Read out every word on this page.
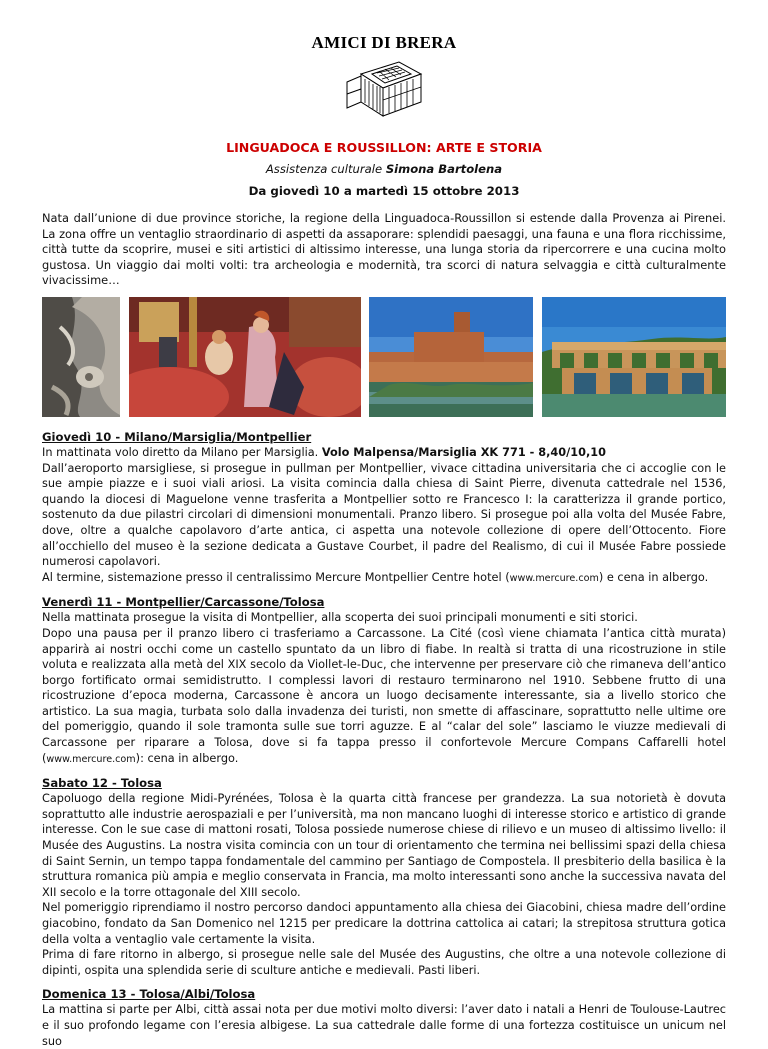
AMICI DI BRERA
LINGUADOCA E ROUSSILLON: ARTE E STORIA
Assistenza culturale Simona Bartolena
Da giovedì 10 a martedì 15 ottobre 2013
Nata dall’unione di due province storiche, la regione della Linguadoca-Roussillon si estende dalla Provenza ai Pirenei. La zona offre un ventaglio straordinario di aspetti da assaporare: splendidi paesaggi, una fauna e una flora ricchissime, città tutte da scoprire, musei e siti artistici di altissimo interesse, una lunga storia da ripercorrere e una cucina molto gustosa. Un viaggio dai molti volti: tra archeologia e modernità, tra scorci di natura selvaggia e città culturalmente vivacissime…
Giovedì 10 - Milano/Marsiglia/Montpellier

In mattinata volo diretto da Milano per Marsiglia. Volo Malpensa/Marsiglia XK 771 - 8,40/10,10

Dall’aeroporto marsigliese, si prosegue in pullman per Montpellier, vivace cittadina universitaria che ci accoglie con le sue ampie piazze e i suoi viali ariosi. La visita comincia dalla chiesa di Saint Pierre, divenuta cattedrale nel 1536, quando la diocesi di Maguelone venne trasferita a Montpellier sotto re Francesco I: la caratterizza il grande portico, sostenuto da due pilastri circolari di dimensioni monumentali. Pranzo libero. Si prosegue poi alla volta del Musée Fabre, dove, oltre a qualche capolavoro d’arte antica, ci aspetta una notevole collezione di opere dell’Ottocento. Fiore all’occhiello del museo è la sezione dedicata a Gustave Courbet, il padre del Realismo, di cui il Musée Fabre possiede numerosi capolavori.

Al termine, sistemazione presso il centralissimo Mercure Montpellier Centre hotel (www.mercure.com) e cena in albergo.

Venerdì 11 - Montpellier/Carcassone/Tolosa

Nella mattinata prosegue la visita di Montpellier, alla scoperta dei suoi principali monumenti e siti storici.

Dopo una pausa per il pranzo libero ci trasferiamo a Carcassone. La Cité (così viene chiamata l’antica città murata) apparirà ai nostri occhi come un castello spuntato da un libro di fiabe. In realtà si tratta di una ricostruzione in stile voluta e realizzata alla metà del XIX secolo da Viollet-le-Duc, che intervenne per preservare ciò che rimaneva dell’antico borgo fortificato ormai semidistrutto. I complessi lavori di restauro terminarono nel 1910. Sebbene frutto di una ricostruzione d’epoca moderna, Carcassone è ancora un luogo decisamente interessante, sia a livello storico che artistico. La sua magia, turbata solo dalla invadenza dei turisti, non smette di affascinare, soprattutto nelle ultime ore del pomeriggio, quando il sole tramonta sulle sue torri aguzze. E al “calar del sole” lasciamo le viuzze medievali di Carcassone per riparare a Tolosa, dove si fa tappa presso il confortevole Mercure Compans Caffarelli hotel (www.mercure.com): cena in albergo.

Sabato 12 - Tolosa

Capoluogo della regione Midi-Pyrénées, Tolosa è la quarta città francese per grandezza. La sua notorietà è dovuta soprattutto alle industrie aerospaziali e per l’università, ma non mancano luoghi di interesse storico e artistico di grande interesse. Con le sue case di mattoni rosati, Tolosa possiede numerose chiese di rilievo e un museo di altissimo livello: il Musée des Augustins. La nostra visita comincia con un tour di orientamento che termina nei bellissimi spazi della chiesa di Saint Sernin, un tempo tappa fondamentale del cammino per Santiago de Compostela. Il presbiterio della basilica è la struttura romanica più ampia e meglio conservata in Francia, ma molto interessanti sono anche la successiva navata del XII secolo e la torre ottagonale del XIII secolo.

Nel pomeriggio riprendiamo il nostro percorso dandoci appuntamento alla chiesa dei Giacobini, chiesa madre dell’ordine giacobino, fondato da San Domenico nel 1215 per predicare la dottrina cattolica ai catari; la strepitosa struttura gotica della volta a ventaglio vale certamente la visita.

Prima di fare ritorno in albergo, si prosegue nelle sale del Musée des Augustins, che oltre a una notevole collezione di dipinti, ospita una splendida serie di sculture antiche e medievali. Pasti liberi.

Domenica 13 - Tolosa/Albi/Tolosa

La mattina si parte per Albi, città assai nota per due motivi molto diversi: l’aver dato i natali a Henri de Toulouse-Lautrec e il suo profondo legame con l’eresia albigese. La sua cattedrale dalle forme di una fortezza costituisce un unicum nel suo
